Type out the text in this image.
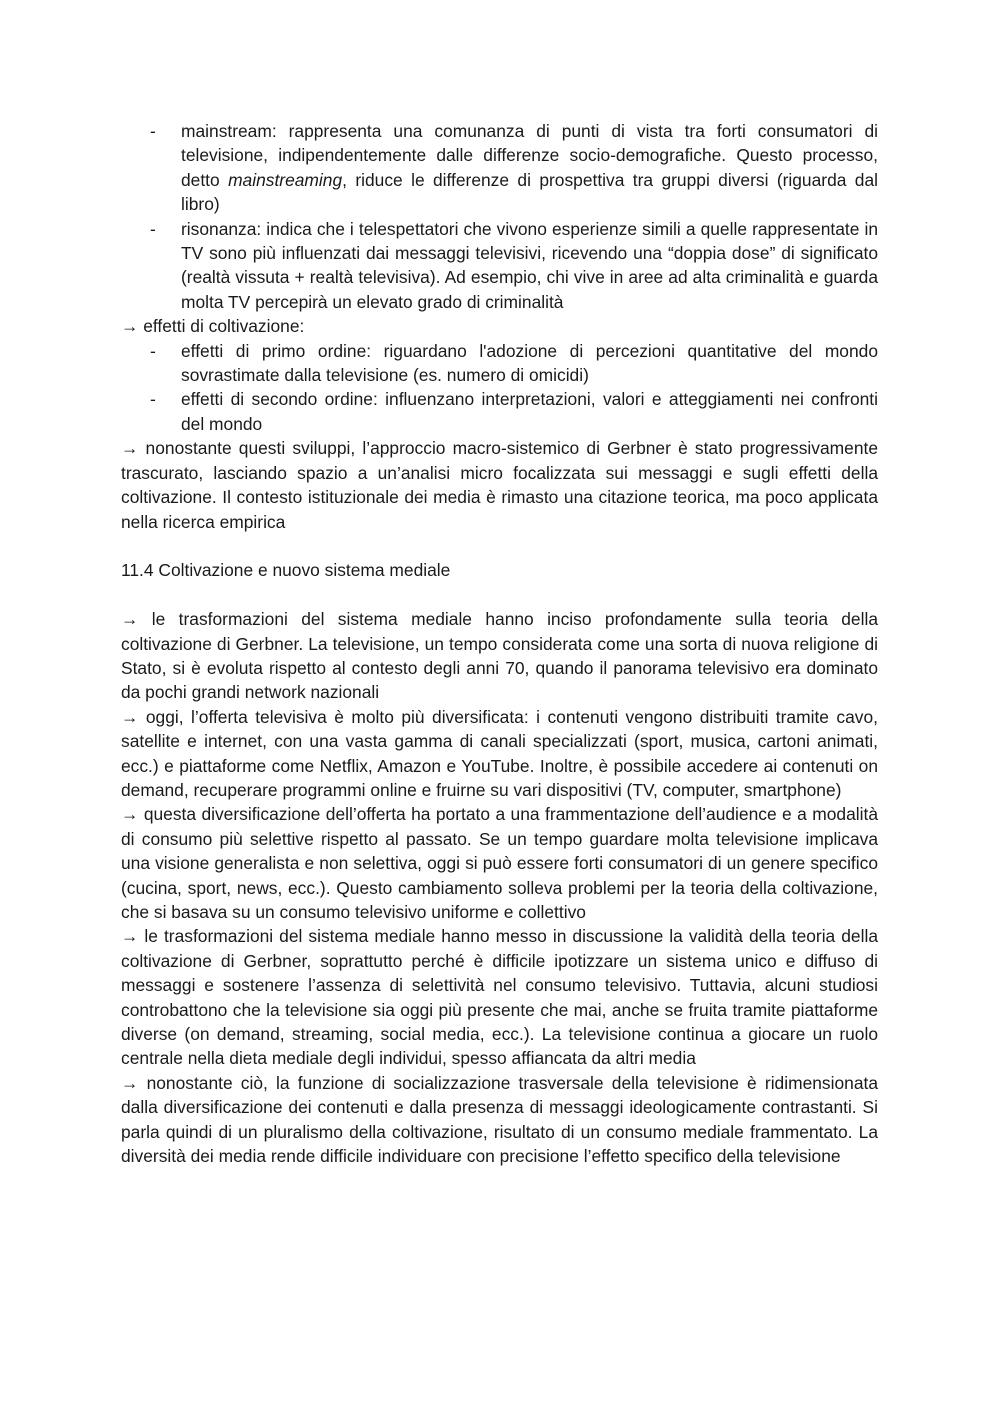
- mainstream: rappresenta una comunanza di punti di vista tra forti consumatori di televisione, indipendentemente dalle differenze socio-demografiche. Questo processo, detto mainstreaming, riduce le differenze di prospettiva tra gruppi diversi (riguarda dal libro)
- risonanza: indica che i telespettatori che vivono esperienze simili a quelle rappresentate in TV sono più influenzati dai messaggi televisivi, ricevendo una “doppia dose” di significato (realtà vissuta + realtà televisiva). Ad esempio, chi vive in aree ad alta criminalità e guarda molta TV percepirà un elevato grado di criminalità

→ effetti di coltivazione:

- effetti di primo ordine: riguardano l'adozione di percezioni quantitative del mondo sovrastimate dalla televisione (es. numero di omicidi)
- effetti di secondo ordine: influenzano interpretazioni, valori e atteggiamenti nei confronti del mondo

→ nonostante questi sviluppi, l’approccio macro-sistemico di Gerbner è stato progressivamente trascurato, lasciando spazio a un’analisi micro focalizzata sui messaggi e sugli effetti della coltivazione. Il contesto istituzionale dei media è rimasto una citazione teorica, ma poco applicata nella ricerca empirica

11.4 Coltivazione e nuovo sistema mediale

→ le trasformazioni del sistema mediale hanno inciso profondamente sulla teoria della coltivazione di Gerbner. La televisione, un tempo considerata come una sorta di nuova religione di Stato, si è evoluta rispetto al contesto degli anni 70, quando il panorama televisivo era dominato da pochi grandi network nazionali

→ oggi, l’offerta televisiva è molto più diversificata: i contenuti vengono distribuiti tramite cavo, satellite e internet, con una vasta gamma di canali specializzati (sport, musica, cartoni animati, ecc.) e piattaforme come Netflix, Amazon e YouTube. Inoltre, è possibile accedere ai contenuti on demand, recuperare programmi online e fruirne su vari dispositivi (TV, computer, smartphone)

→ questa diversificazione dell’offerta ha portato a una frammentazione dell’audience e a modalità di consumo più selettive rispetto al passato. Se un tempo guardare molta televisione implicava una visione generalista e non selettiva, oggi si può essere forti consumatori di un genere specifico (cucina, sport, news, ecc.). Questo cambiamento solleva problemi per la teoria della coltivazione, che si basava su un consumo televisivo uniforme e collettivo

→ le trasformazioni del sistema mediale hanno messo in discussione la validità della teoria della coltivazione di Gerbner, soprattutto perché è difficile ipotizzare un sistema unico e diffuso di messaggi e sostenere l’assenza di selettività nel consumo televisivo. Tuttavia, alcuni studiosi controbattono che la televisione sia oggi più presente che mai, anche se fruita tramite piattaforme diverse (on demand, streaming, social media, ecc.). La televisione continua a giocare un ruolo centrale nella dieta mediale degli individui, spesso affiancata da altri media

→ nonostante ciò, la funzione di socializzazione trasversale della televisione è ridimensionata dalla diversificazione dei contenuti e dalla presenza di messaggi ideologicamente contrastanti. Si parla quindi di un pluralismo della coltivazione, risultato di un consumo mediale frammentato. La diversità dei media rende difficile individuare con precisione l’effetto specifico della televisione
